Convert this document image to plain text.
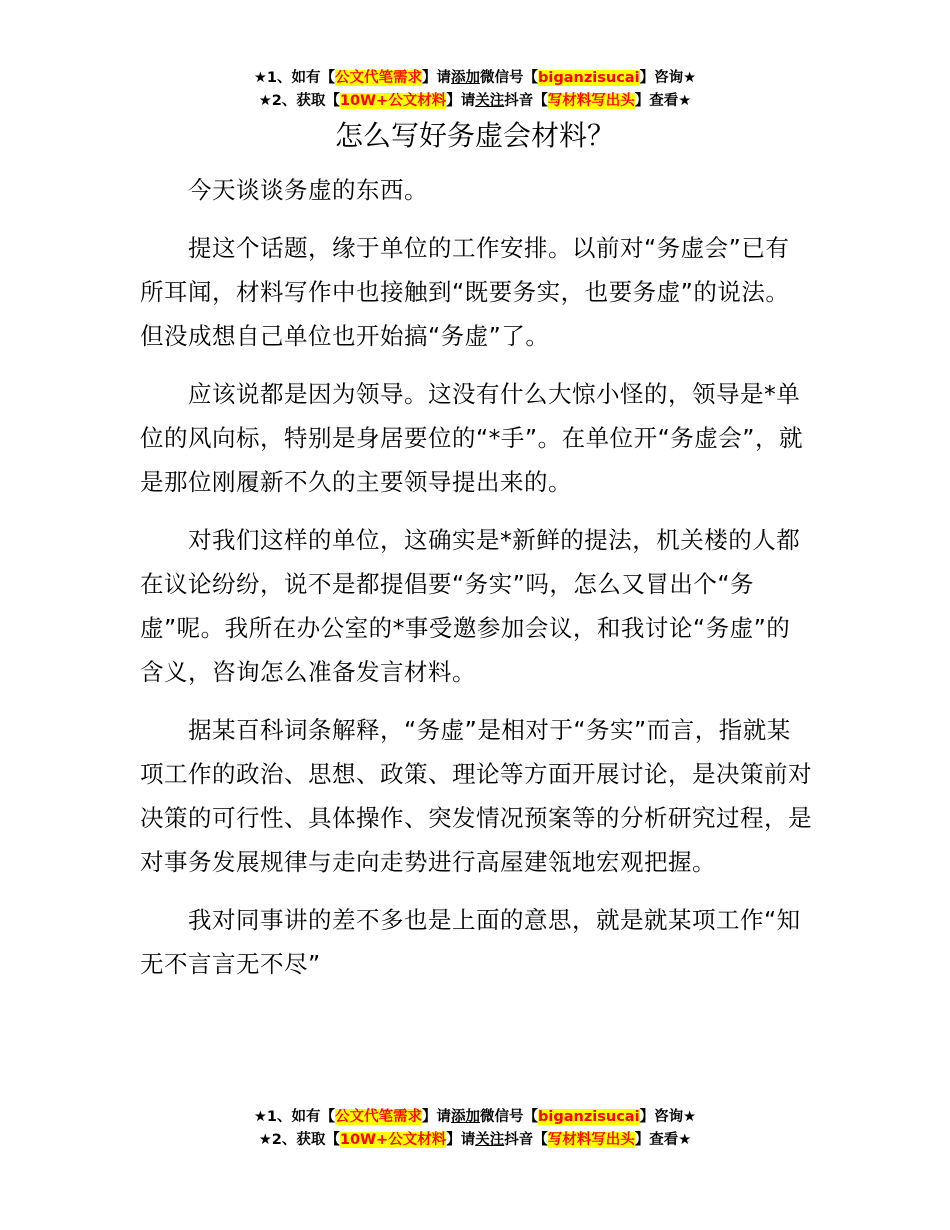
★1、如有【公文代笔需求】请添加微信号【biganzisucai】咨询★
★2、获取【10W+公文材料】请关注抖音【写材料写出头】查看★
怎么写好务虚会材料？

今天谈谈务虚的东西。

提这个话题，缘于单位的工作安排。以前对“务虚会”已有所耳闻，材料写作中也接触到“既要务实，也要务虚”的说法。但没成想自己单位也开始搞“务虚”了。

应该说都是因为领导。这没有什么大惊小怪的，领导是*单位的风向标，特别是身居要位的“*手”。在单位开“务虚会”，就是那位刚履新不久的主要领导提出来的。

对我们这样的单位，这确实是*新鲜的提法，机关楼的人都在议论纷纷，说不是都提倡要“务实”吗，怎么又冒出个“务虚”呢。我所在办公室的*事受邀参加会议，和我讨论“务虚”的含义，咨询怎么准备发言材料。

据某百科词条解释，“务虚”是相对于“务实”而言，指就某项工作的政治、思想、政策、理论等方面开展讨论，是决策前对决策的可行性、具体操作、突发情况预案等的分析研究过程，是对事务发展规律与走向走势进行高屋建瓴地宏观把握。

我对同事讲的差不多也是上面的意思，就是就某项工作“知无不言言无不尽”

★1、如有【公文代笔需求】请添加微信号【biganzisucai】咨询★
★2、获取【10W+公文材料】请关注抖音【写材料写出头】查看★
